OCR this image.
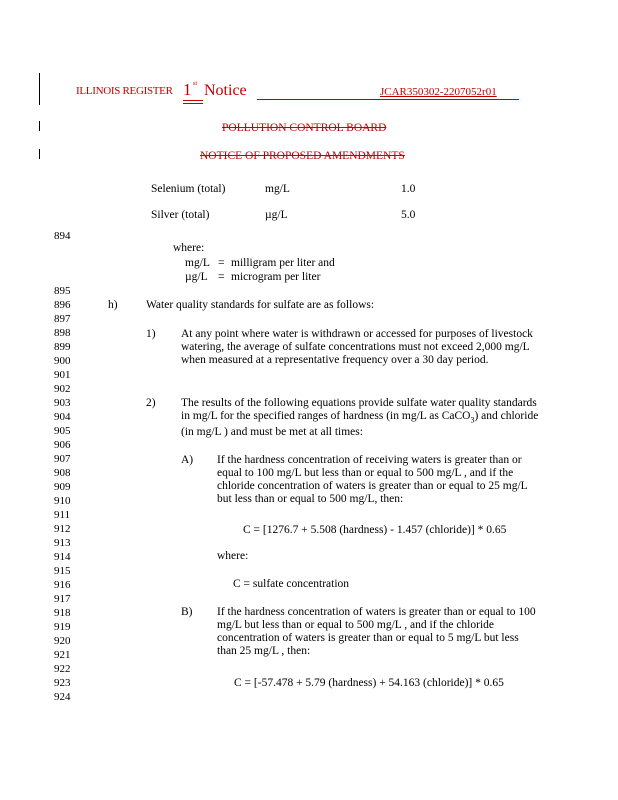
ILLINOIS REGISTER 1 st Notice	JCAR350302-2207052r01
POLLUTION CONTROL BOARD
NOTICE OF PROPOSED AMENDMENTS
Selenium (total)	mg/L	1.0
Silver (total)	µg/L	5.0
where:
mg/L = milligram per liter and
µg/L = microgram per liter
894
895
896
897
898
899
900
901
902
903
904
905
906
907
908
909
910
911
912
913
914
915
916
917
918
919
920
921
922
923
924
h) Water quality standards for sulfate are as follows:
1) At any point where water is withdrawn or accessed for purposes of livestock watering, the average of sulfate concentrations must not exceed 2,000 mg/L when measured at a representative frequency over a 30 day period.
2) The results of the following equations provide sulfate water quality standards in mg/L for the specified ranges of hardness (in mg/L as CaCO$_3$) and chloride (in mg/L ) and must be met at all times:
A) If the hardness concentration of receiving waters is greater than or equal to 100 mg/L but less than or equal to 500 mg/L , and if the chloride concentration of waters is greater than or equal to 25 mg/L but less than or equal to 500 mg/L, then:
C = [1276.7 + 5.508 (hardness) - 1.457 (chloride)] * 0.65
where:
C = sulfate concentration
B) If the hardness concentration of waters is greater than or equal to 100 mg/L but less than or equal to 500 mg/L , and if the chloride concentration of waters is greater than or equal to 5 mg/L but less than 25 mg/L , then:
C = [-57.478 + 5.79 (hardness) + 54.163 (chloride)] * 0.65
